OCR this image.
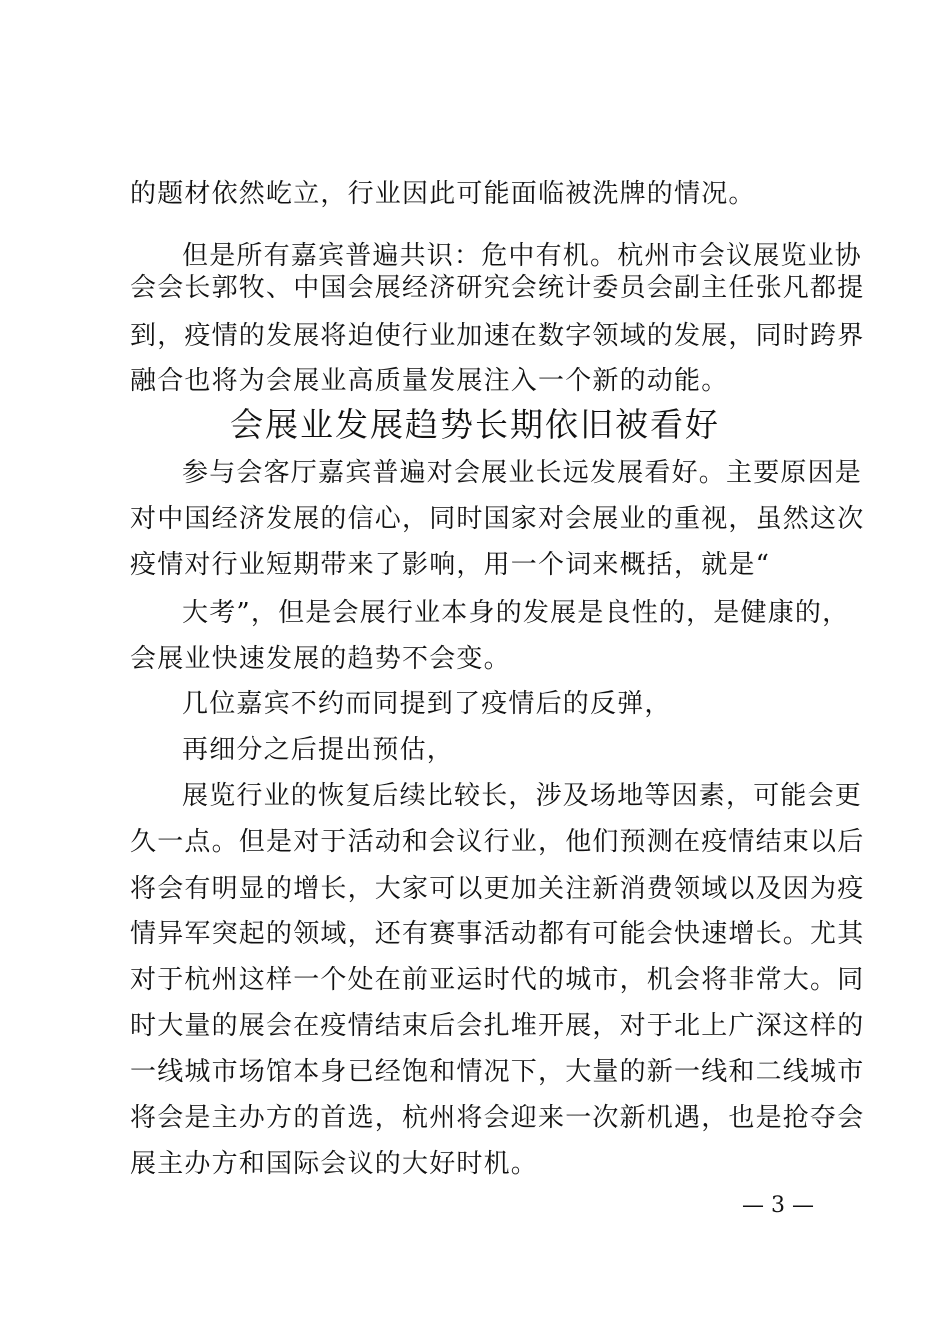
的题材依然屹立，行业因此可能面临被洗牌的情况。
但是所有嘉宾普遍共识：危中有机。杭州市会议展览业协
会会长郭牧、中国会展经济研究会统计委员会副主任张凡都提
到，疫情的发展将迫使行业加速在数字领域的发展，同时跨界
融合也将为会展业高质量发展注入一个新的动能。
会展业发展趋势长期依旧被看好
参与会客厅嘉宾普遍对会展业长远发展看好。主要原因是
对中国经济发展的信心，同时国家对会展业的重视，虽然这次
疫情对行业短期带来了影响，用一个词来概括，就是“
大考”，但是会展行业本身的发展是良性的，是健康的，
会展业快速发展的趋势不会变。
几位嘉宾不约而同提到了疫情后的反弹，
再细分之后提出预估，
展览行业的恢复后续比较长，涉及场地等因素，可能会更
久一点。但是对于活动和会议行业，他们预测在疫情结束以后
将会有明显的增长，大家可以更加关注新消费领域以及因为疫
情异军突起的领域，还有赛事活动都有可能会快速增长。尤其
对于杭州这样一个处在前亚运时代的城市，机会将非常大。同
时大量的展会在疫情结束后会扎堆开展，对于北上广深这样的
一线城市场馆本身已经饱和情况下，大量的新一线和二线城市
将会是主办方的首选，杭州将会迎来一次新机遇，也是抢夺会
展主办方和国际会议的大好时机。
— 3 —
